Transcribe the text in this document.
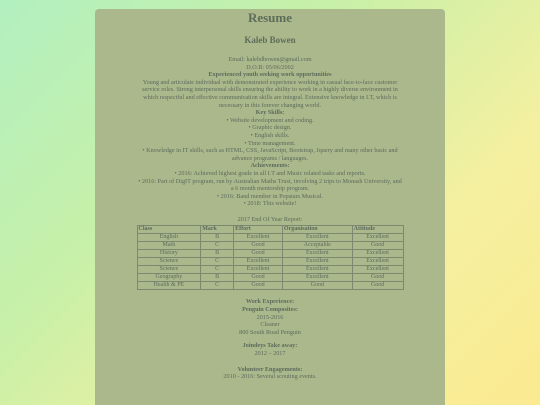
Resume
Kaleb Bowen
Email: kalebdbowen@gmail.com
D.O.B: 05/06/2002
Experienced youth seeking work opportunities
Young and articulate individual with demonstrated experience working in casual face-to-face customer service roles. Strong interpersonal skills ensuring the ability to work in a highly diverse environment in which respectful and effective communication skills are integral. Extensive knowledge in I.T, which is necessary in this forever changing world.
Key Skills:
• Website development and coding.
• Graphic design.
• English skills.
• Time management.
• Knowledge in IT skills, such as HTML, CSS, JavaScript, Bootstrap, Jquery and many other basic and advance programs / languages.
Achievements:
• 2016: Achieved highest grade in all I.T and Music related tasks and reports.
• 2016: Part of DigIT program, run by Australian Maths Trust, involving 2 trips to Monash University, and a 6 month mentorship program.
• 2016: Band member in Popstars Musical.
• 2018: This website!
2017 End Of Year Report:
Class	Mark	Effort	Organisation	Attitude
English	B	Excellent	Excellent	Excellent
Math	C	Good	Acceptable	Good
History	B	Good	Excellent	Excellent
Science	C	Excellent	Excellent	Excellent
Science	C	Excellent	Excellent	Excellent
Geography	B	Good	Excellent	Good
Health & PE	C	Good	Good	Good
Work Experience:
Penguin Composites:
2015-2016
Cleaner
800 South Road Penguin
Joindeys Take away:
2012 – 2017
Volunteer Engagements:
2010 - 2016: Several scouting events.
